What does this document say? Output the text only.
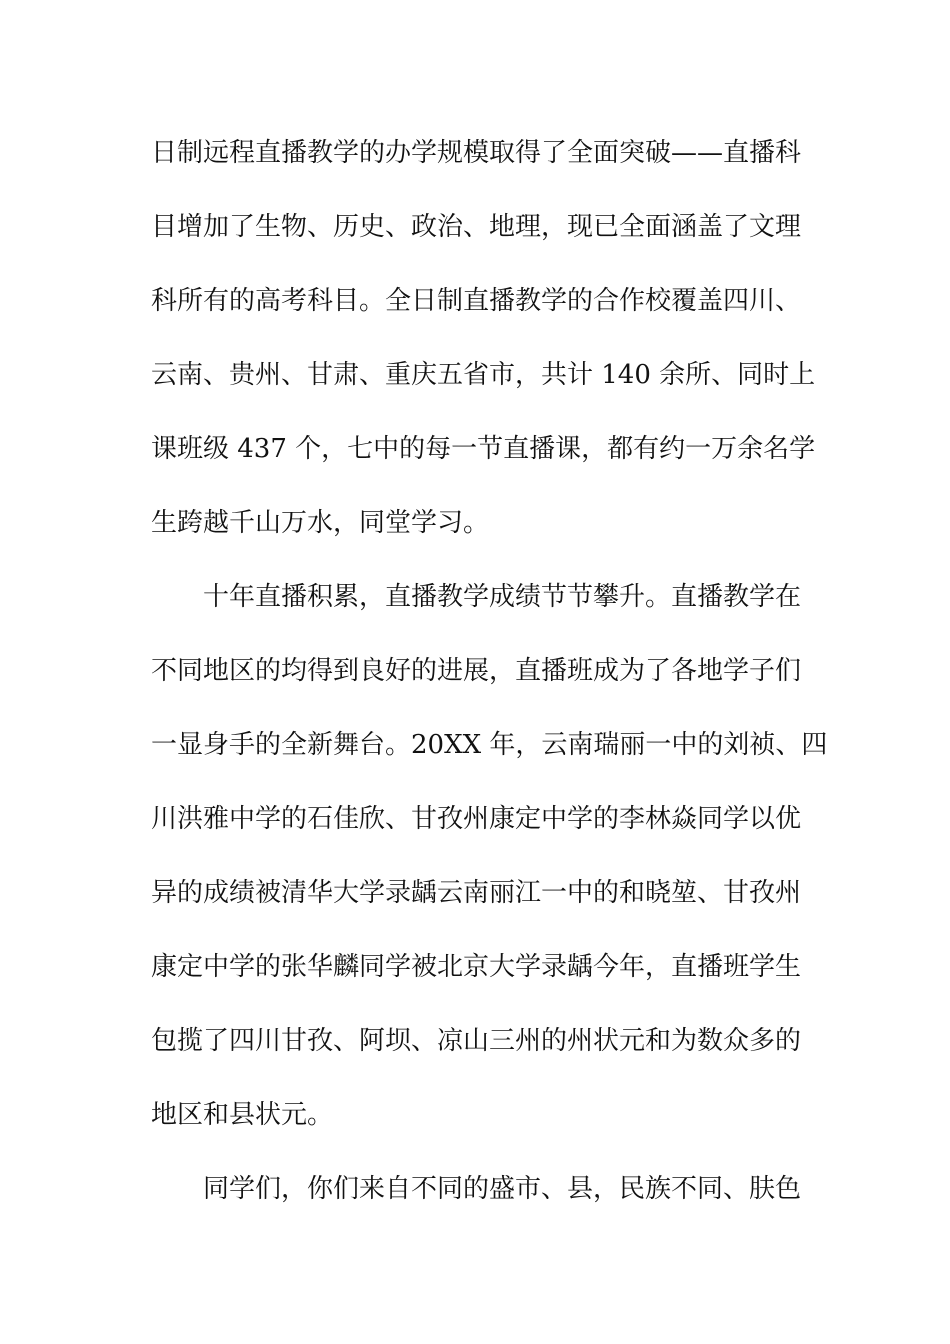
日制远程直播教学的办学规模取得了全面突破——直播科
目增加了生物、历史、政治、地理，现已全面涵盖了文理
科所有的高考科目。全日制直播教学的合作校覆盖四川、
云南、贵州、甘肃、重庆五省市，共计 140 余所、同时上
课班级 437 个，七中的每一节直播课，都有约一万余名学
生跨越千山万水，同堂学习。
十年直播积累，直播教学成绩节节攀升。直播教学在
不同地区的均得到良好的进展，直播班成为了各地学子们
一显身手的全新舞台。20XX 年，云南瑞丽一中的刘祯、四
川洪雅中学的石佳欣、甘孜州康定中学的李林焱同学以优
异的成绩被清华大学录龋云南丽江一中的和晓堃、甘孜州
康定中学的张华麟同学被北京大学录龋今年，直播班学生
包揽了四川甘孜、阿坝、凉山三州的州状元和为数众多的
地区和县状元。
同学们，你们来自不同的盛市、县，民族不同、肤色
